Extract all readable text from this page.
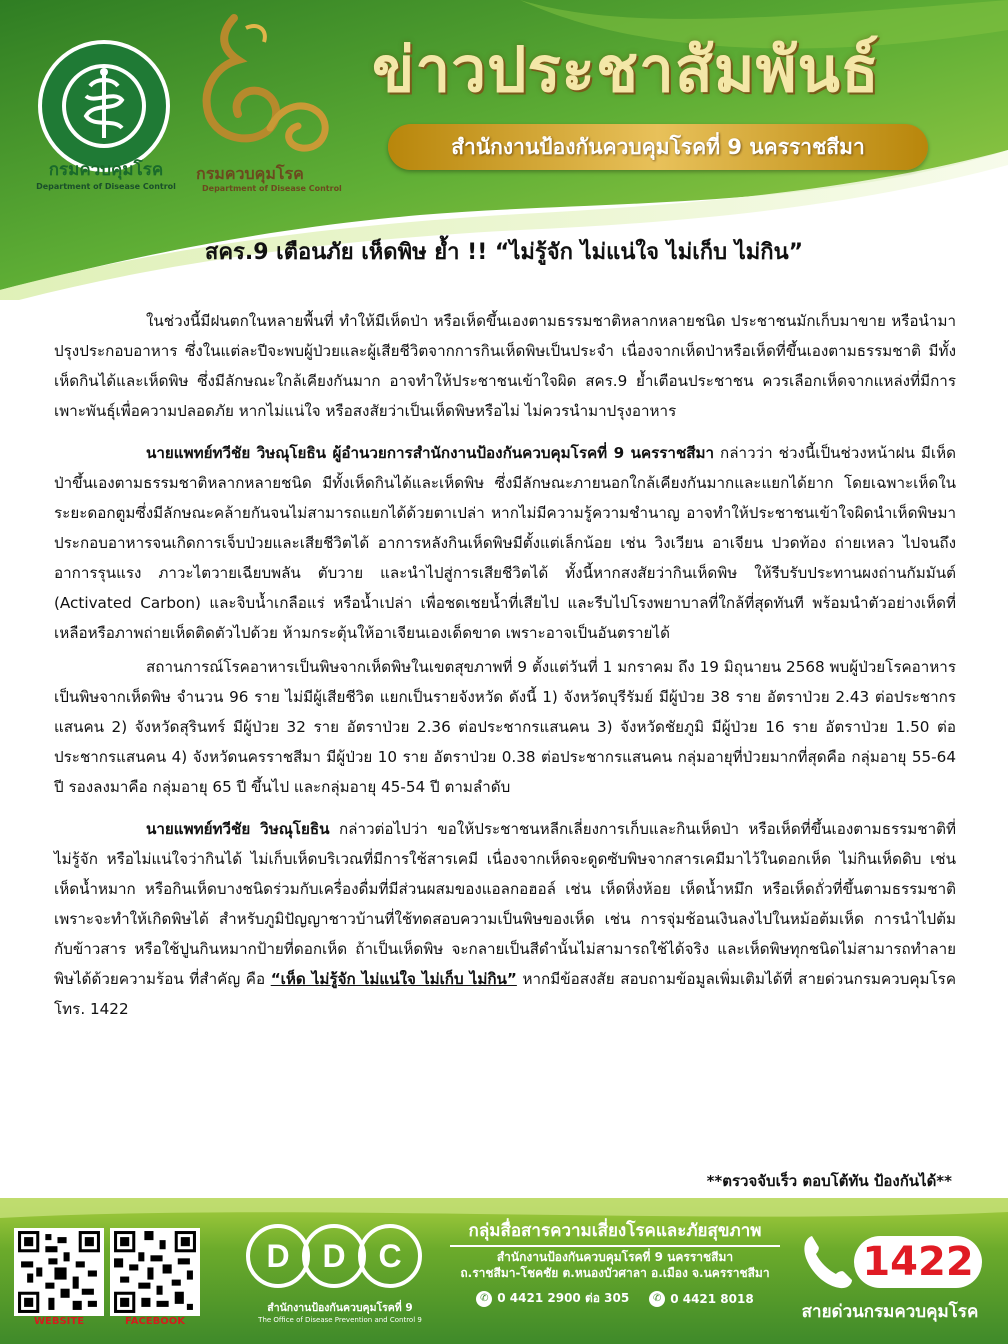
กรมควบคุมโรค
Department of Disease Control
กรมควบคุมโรค
Department of Disease Control
ข่าวประชาสัมพันธ์
สำนักงานป้องกันควบคุมโรคที่ 9 นครราชสีมา
สคร.9 เตือนภัย เห็ดพิษ ย้ำ !! “ไม่รู้จัก ไม่แน่ใจ ไม่เก็บ ไม่กิน”

ในช่วงนี้มีฝนตกในหลายพื้นที่ ทำให้มีเห็ดป่า หรือเห็ดขึ้นเองตามธรรมชาติหลากหลายชนิด ประชาชนมักเก็บมาขาย หรือนำมาปรุงประกอบอาหาร ซึ่งในแต่ละปีจะพบผู้ป่วยและผู้เสียชีวิตจากการกินเห็ดพิษเป็นประจำ เนื่องจากเห็ดป่าหรือเห็ดที่ขึ้นเองตามธรรมชาติ มีทั้งเห็ดกินได้และเห็ดพิษ ซึ่งมีลักษณะใกล้เคียงกันมาก อาจทำให้ประชาชนเข้าใจผิด สคร.9 ย้ำเตือนประชาชน ควรเลือกเห็ดจากแหล่งที่มีการเพาะพันธุ์เพื่อความปลอดภัย หากไม่แน่ใจ หรือสงสัยว่าเป็นเห็ดพิษหรือไม่ ไม่ควรนำมาปรุงอาหาร

นายแพทย์ทวีชัย วิษณุโยธิน ผู้อำนวยการสำนักงานป้องกันควบคุมโรคที่ 9 นครราชสีมา กล่าวว่า ช่วงนี้เป็นช่วงหน้าฝน มีเห็ดป่าขึ้นเองตามธรรมชาติหลากหลายชนิด มีทั้งเห็ดกินได้และเห็ดพิษ ซึ่งมีลักษณะภายนอกใกล้เคียงกันมากและแยกได้ยาก โดยเฉพาะเห็ดในระยะดอกตูมซึ่งมีลักษณะคล้ายกันจนไม่สามารถแยกได้ด้วยตาเปล่า หากไม่มีความรู้ความชำนาญ อาจทำให้ประชาชนเข้าใจผิดนำเห็ดพิษมาประกอบอาหารจนเกิดการเจ็บป่วยและเสียชีวิตได้ อาการหลังกินเห็ดพิษมีตั้งแต่เล็กน้อย เช่น วิงเวียน อาเจียน ปวดท้อง ถ่ายเหลว ไปจนถึงอาการรุนแรง ภาวะไตวายเฉียบพลัน ตับวาย และนำไปสู่การเสียชีวิตได้ ทั้งนี้หากสงสัยว่ากินเห็ดพิษ ให้รีบรับประทานผงถ่านกัมมันต์ (Activated Carbon) และจิบน้ำเกลือแร่ หรือน้ำเปล่า เพื่อชดเชยน้ำที่เสียไป และรีบไปโรงพยาบาลที่ใกล้ที่สุดทันที พร้อมนำตัวอย่างเห็ดที่เหลือหรือภาพถ่ายเห็ดติดตัวไปด้วย ห้ามกระตุ้นให้อาเจียนเองเด็ดขาด เพราะอาจเป็นอันตรายได้

สถานการณ์โรคอาหารเป็นพิษจากเห็ดพิษในเขตสุขภาพที่ 9 ตั้งแต่วันที่ 1 มกราคม ถึง 19 มิถุนายน 2568 พบผู้ป่วยโรคอาหารเป็นพิษจากเห็ดพิษ จำนวน 96 ราย ไม่มีผู้เสียชีวิต แยกเป็นรายจังหวัด ดังนี้ 1) จังหวัดบุรีรัมย์ มีผู้ป่วย 38 ราย อัตราป่วย 2.43 ต่อประชากรแสนคน 2) จังหวัดสุรินทร์ มีผู้ป่วย 32 ราย อัตราป่วย 2.36 ต่อประชากรแสนคน 3) จังหวัดชัยภูมิ มีผู้ป่วย 16 ราย อัตราป่วย 1.50 ต่อประชากรแสนคน 4) จังหวัดนครราชสีมา มีผู้ป่วย 10 ราย อัตราป่วย 0.38 ต่อประชากรแสนคน กลุ่มอายุที่ป่วยมากที่สุดคือ กลุ่มอายุ 55-64 ปี รองลงมาคือ กลุ่มอายุ 65 ปี ขึ้นไป และกลุ่มอายุ 45-54 ปี ตามลำดับ

นายแพทย์ทวีชัย วิษณุโยธิน กล่าวต่อไปว่า ขอให้ประชาชนหลีกเลี่ยงการเก็บและกินเห็ดป่า หรือเห็ดที่ขึ้นเองตามธรรมชาติที่ไม่รู้จัก หรือไม่แน่ใจว่ากินได้ ไม่เก็บเห็ดบริเวณที่มีการใช้สารเคมี เนื่องจากเห็ดจะดูดซับพิษจากสารเคมีมาไว้ในดอกเห็ด ไม่กินเห็ดดิบ เช่น เห็ดน้ำหมาก หรือกินเห็ดบางชนิดร่วมกับเครื่องดื่มที่มีส่วนผสมของแอลกอฮอล์ เช่น เห็ดหิ่งห้อย เห็ดน้ำหมึก หรือเห็ดถั่วที่ขึ้นตามธรรมชาติ เพราะจะทำให้เกิดพิษได้ สำหรับภูมิปัญญาชาวบ้านที่ใช้ทดสอบความเป็นพิษของเห็ด เช่น การจุ่มช้อนเงินลงไปในหม้อต้มเห็ด การนำไปต้มกับข้าวสาร หรือใช้ปูนกินหมากป้ายที่ดอกเห็ด ถ้าเป็นเห็ดพิษ จะกลายเป็นสีดำนั้นไม่สามารถใช้ได้จริง และเห็ดพิษทุกชนิดไม่สามารถทำลายพิษได้ด้วยความร้อน ที่สำคัญ คือ “เห็ด ไม่รู้จัก ไม่แน่ใจ ไม่เก็บ ไม่กิน” หากมีข้อสงสัย สอบถามข้อมูลเพิ่มเติมได้ที่ สายด่วนกรมควบคุมโรค โทร. 1422

**ตรวจจับเร็ว ตอบโต้ทัน ป้องกันได้**
WEBSITE	FACEBOOK
D D C
สำนักงานป้องกันควบคุมโรคที่ 9
The Office of Disease Prevention and Control 9
กลุ่มสื่อสารความเสี่ยงโรคและภัยสุขภาพ
สำนักงานป้องกันควบคุมโรคที่ 9 นครราชสีมา
ถ.ราชสีมา-โชคชัย ต.หนองบัวศาลา อ.เมือง จ.นครราชสีมา
✆ 0 4421 2900 ต่อ 305	✆ 0 4421 8018
1422
สายด่วนกรมควบคุมโรค
